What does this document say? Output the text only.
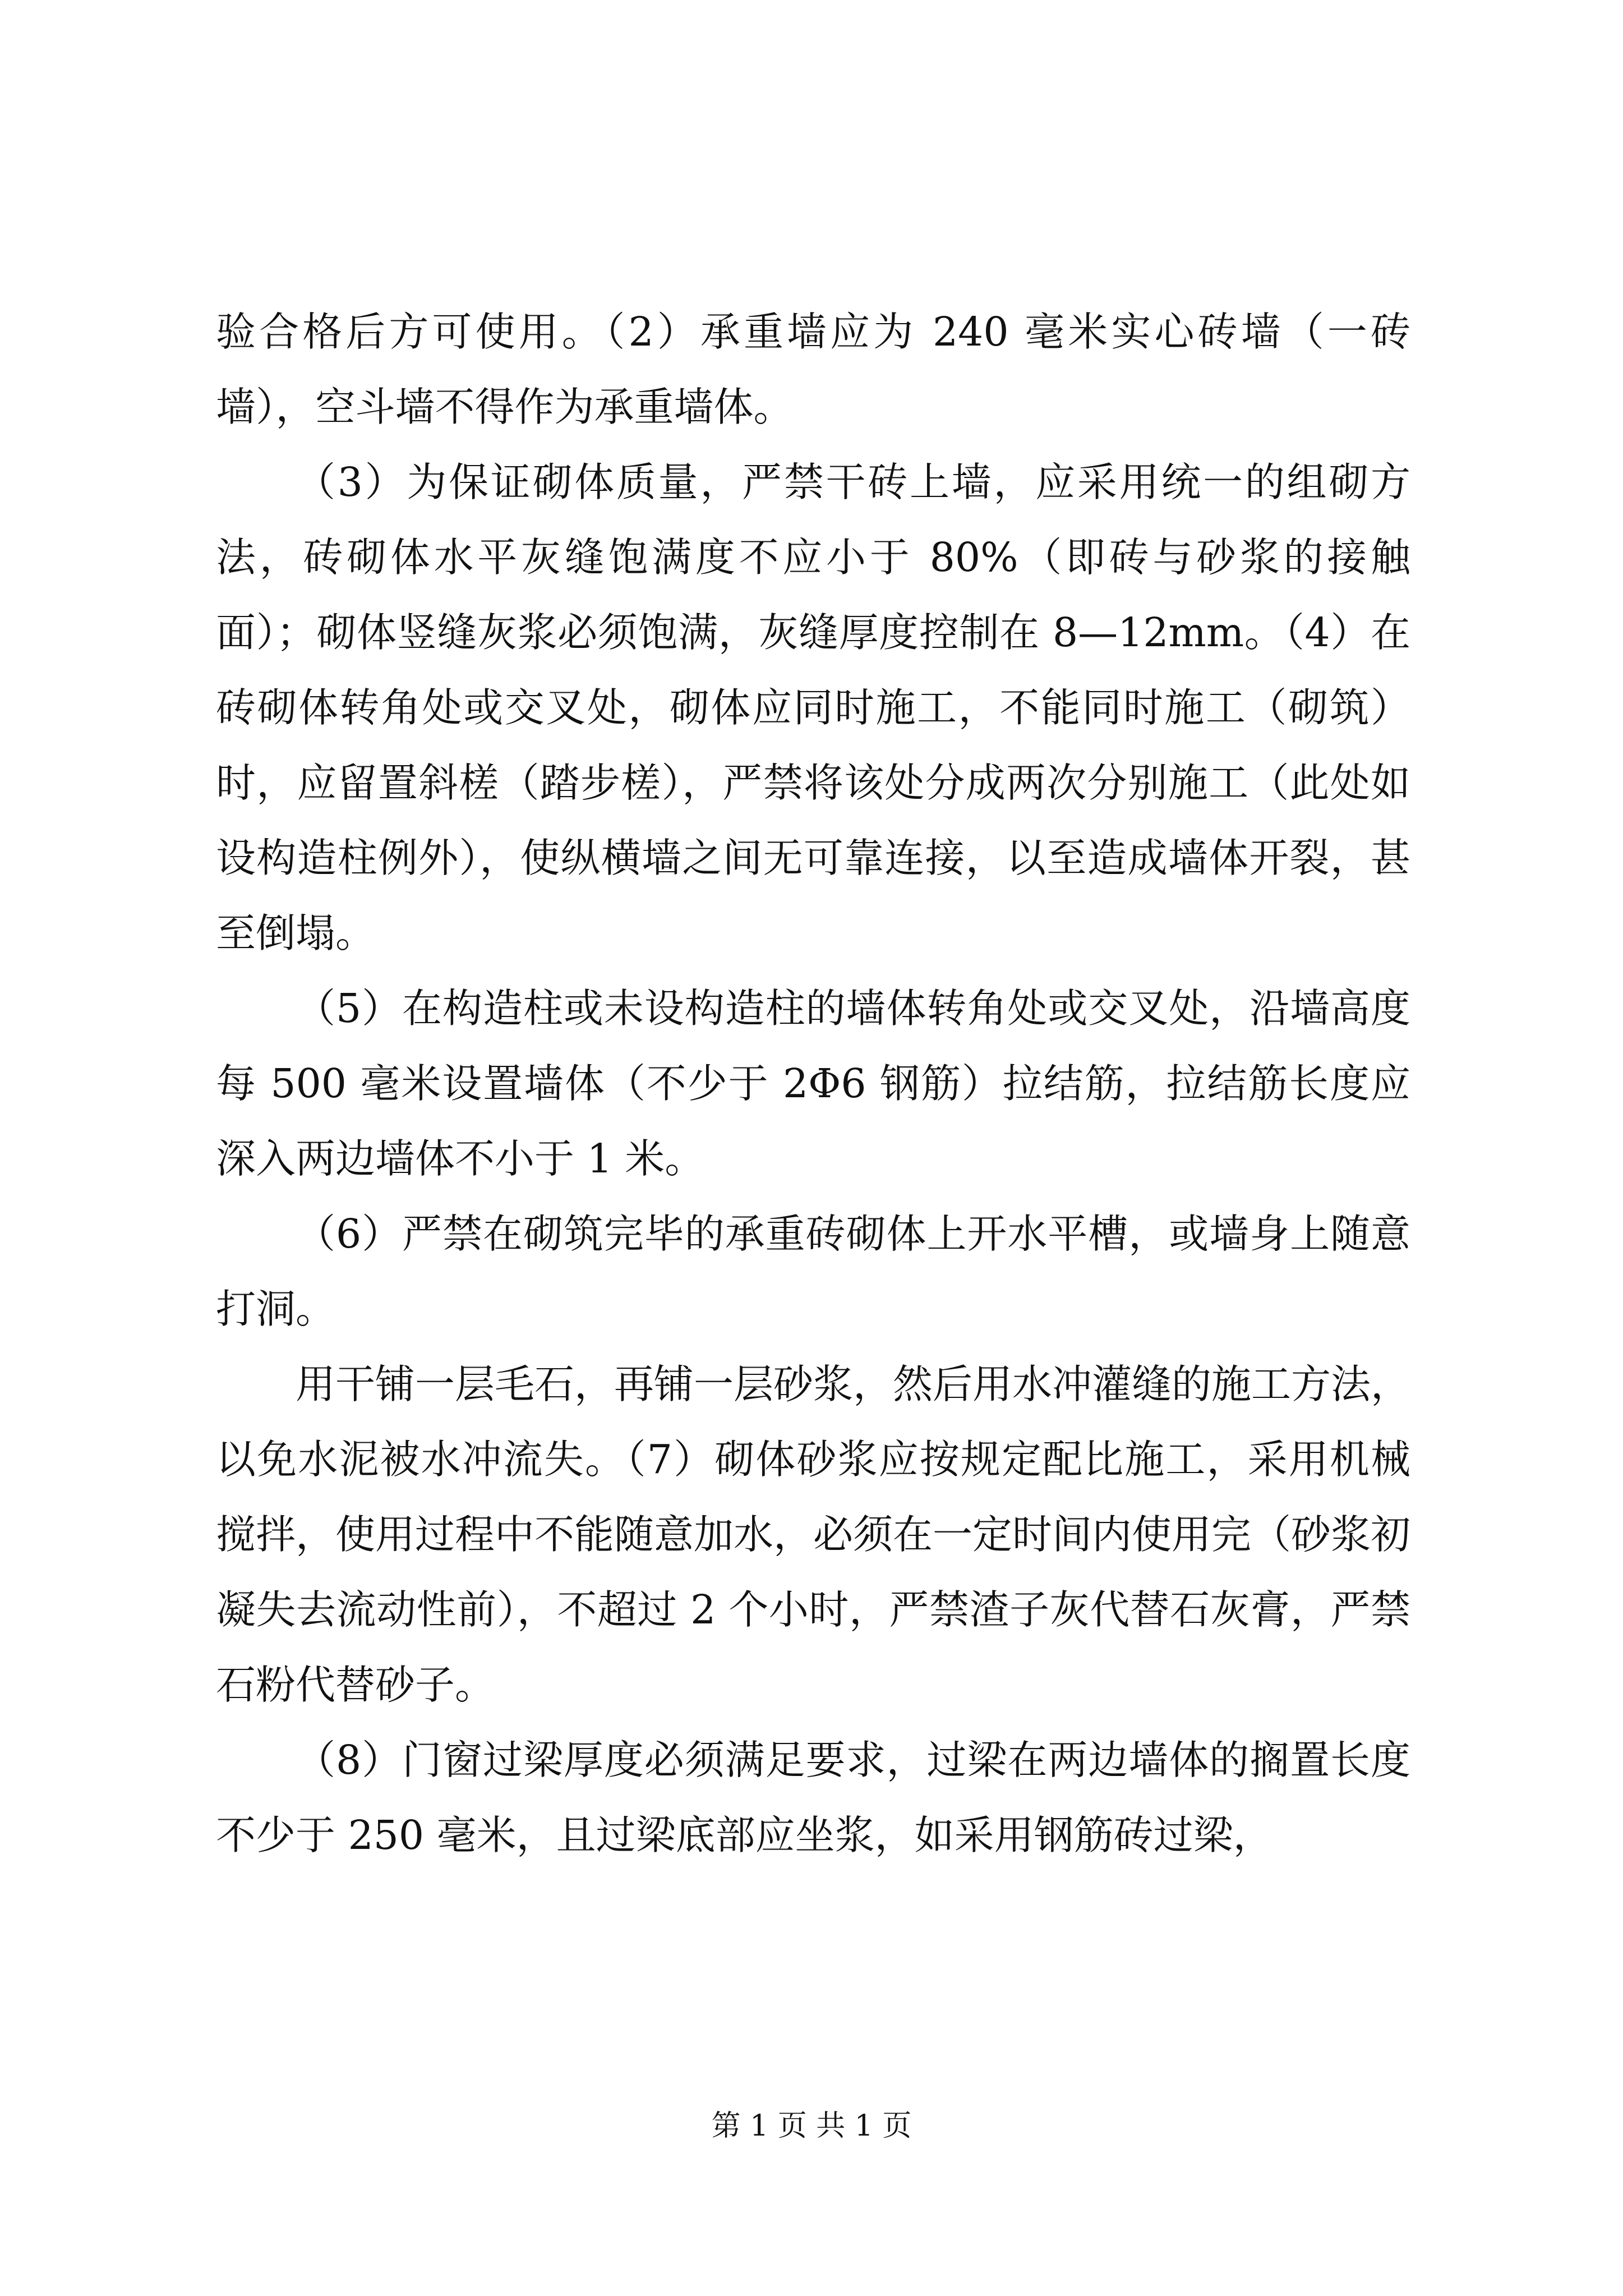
验合格后方可使用。（2）承重墙应为 240 毫米实心砖墙（一砖墙），空斗墙不得作为承重墙体。

（3）为保证砌体质量，严禁干砖上墙，应采用统一的组砌方法，砖砌体水平灰缝饱满度不应小于 80%（即砖与砂浆的接触面）；砌体竖缝灰浆必须饱满，灰缝厚度控制在 8—12mm。（4）在砖砌体转角处或交叉处，砌体应同时施工，不能同时施工（砌筑）时，应留置斜槎（踏步槎），严禁将该处分成两次分别施工（此处如设构造柱例外），使纵横墙之间无可靠连接，以至造成墙体开裂，甚至倒塌。

（5）在构造柱或未设构造柱的墙体转角处或交叉处，沿墙高度每 500 毫米设置墙体（不少于 2Φ6 钢筋）拉结筋，拉结筋长度应深入两边墙体不小于 1 米。

（6）严禁在砌筑完毕的承重砖砌体上开水平槽，或墙身上随意打洞。

用干铺一层毛石，再铺一层砂浆，然后用水冲灌缝的施工方法，以免水泥被水冲流失。（7）砌体砂浆应按规定配比施工，采用机械搅拌，使用过程中不能随意加水，必须在一定时间内使用完（砂浆初凝失去流动性前），不超过 2 个小时，严禁渣子灰代替石灰膏，严禁石粉代替砂子。

（8）门窗过梁厚度必须满足要求，过梁在两边墙体的搁置长度不少于 250 毫米，且过梁底部应坐浆，如采用钢筋砖过梁，

第 1 页 共 1 页
